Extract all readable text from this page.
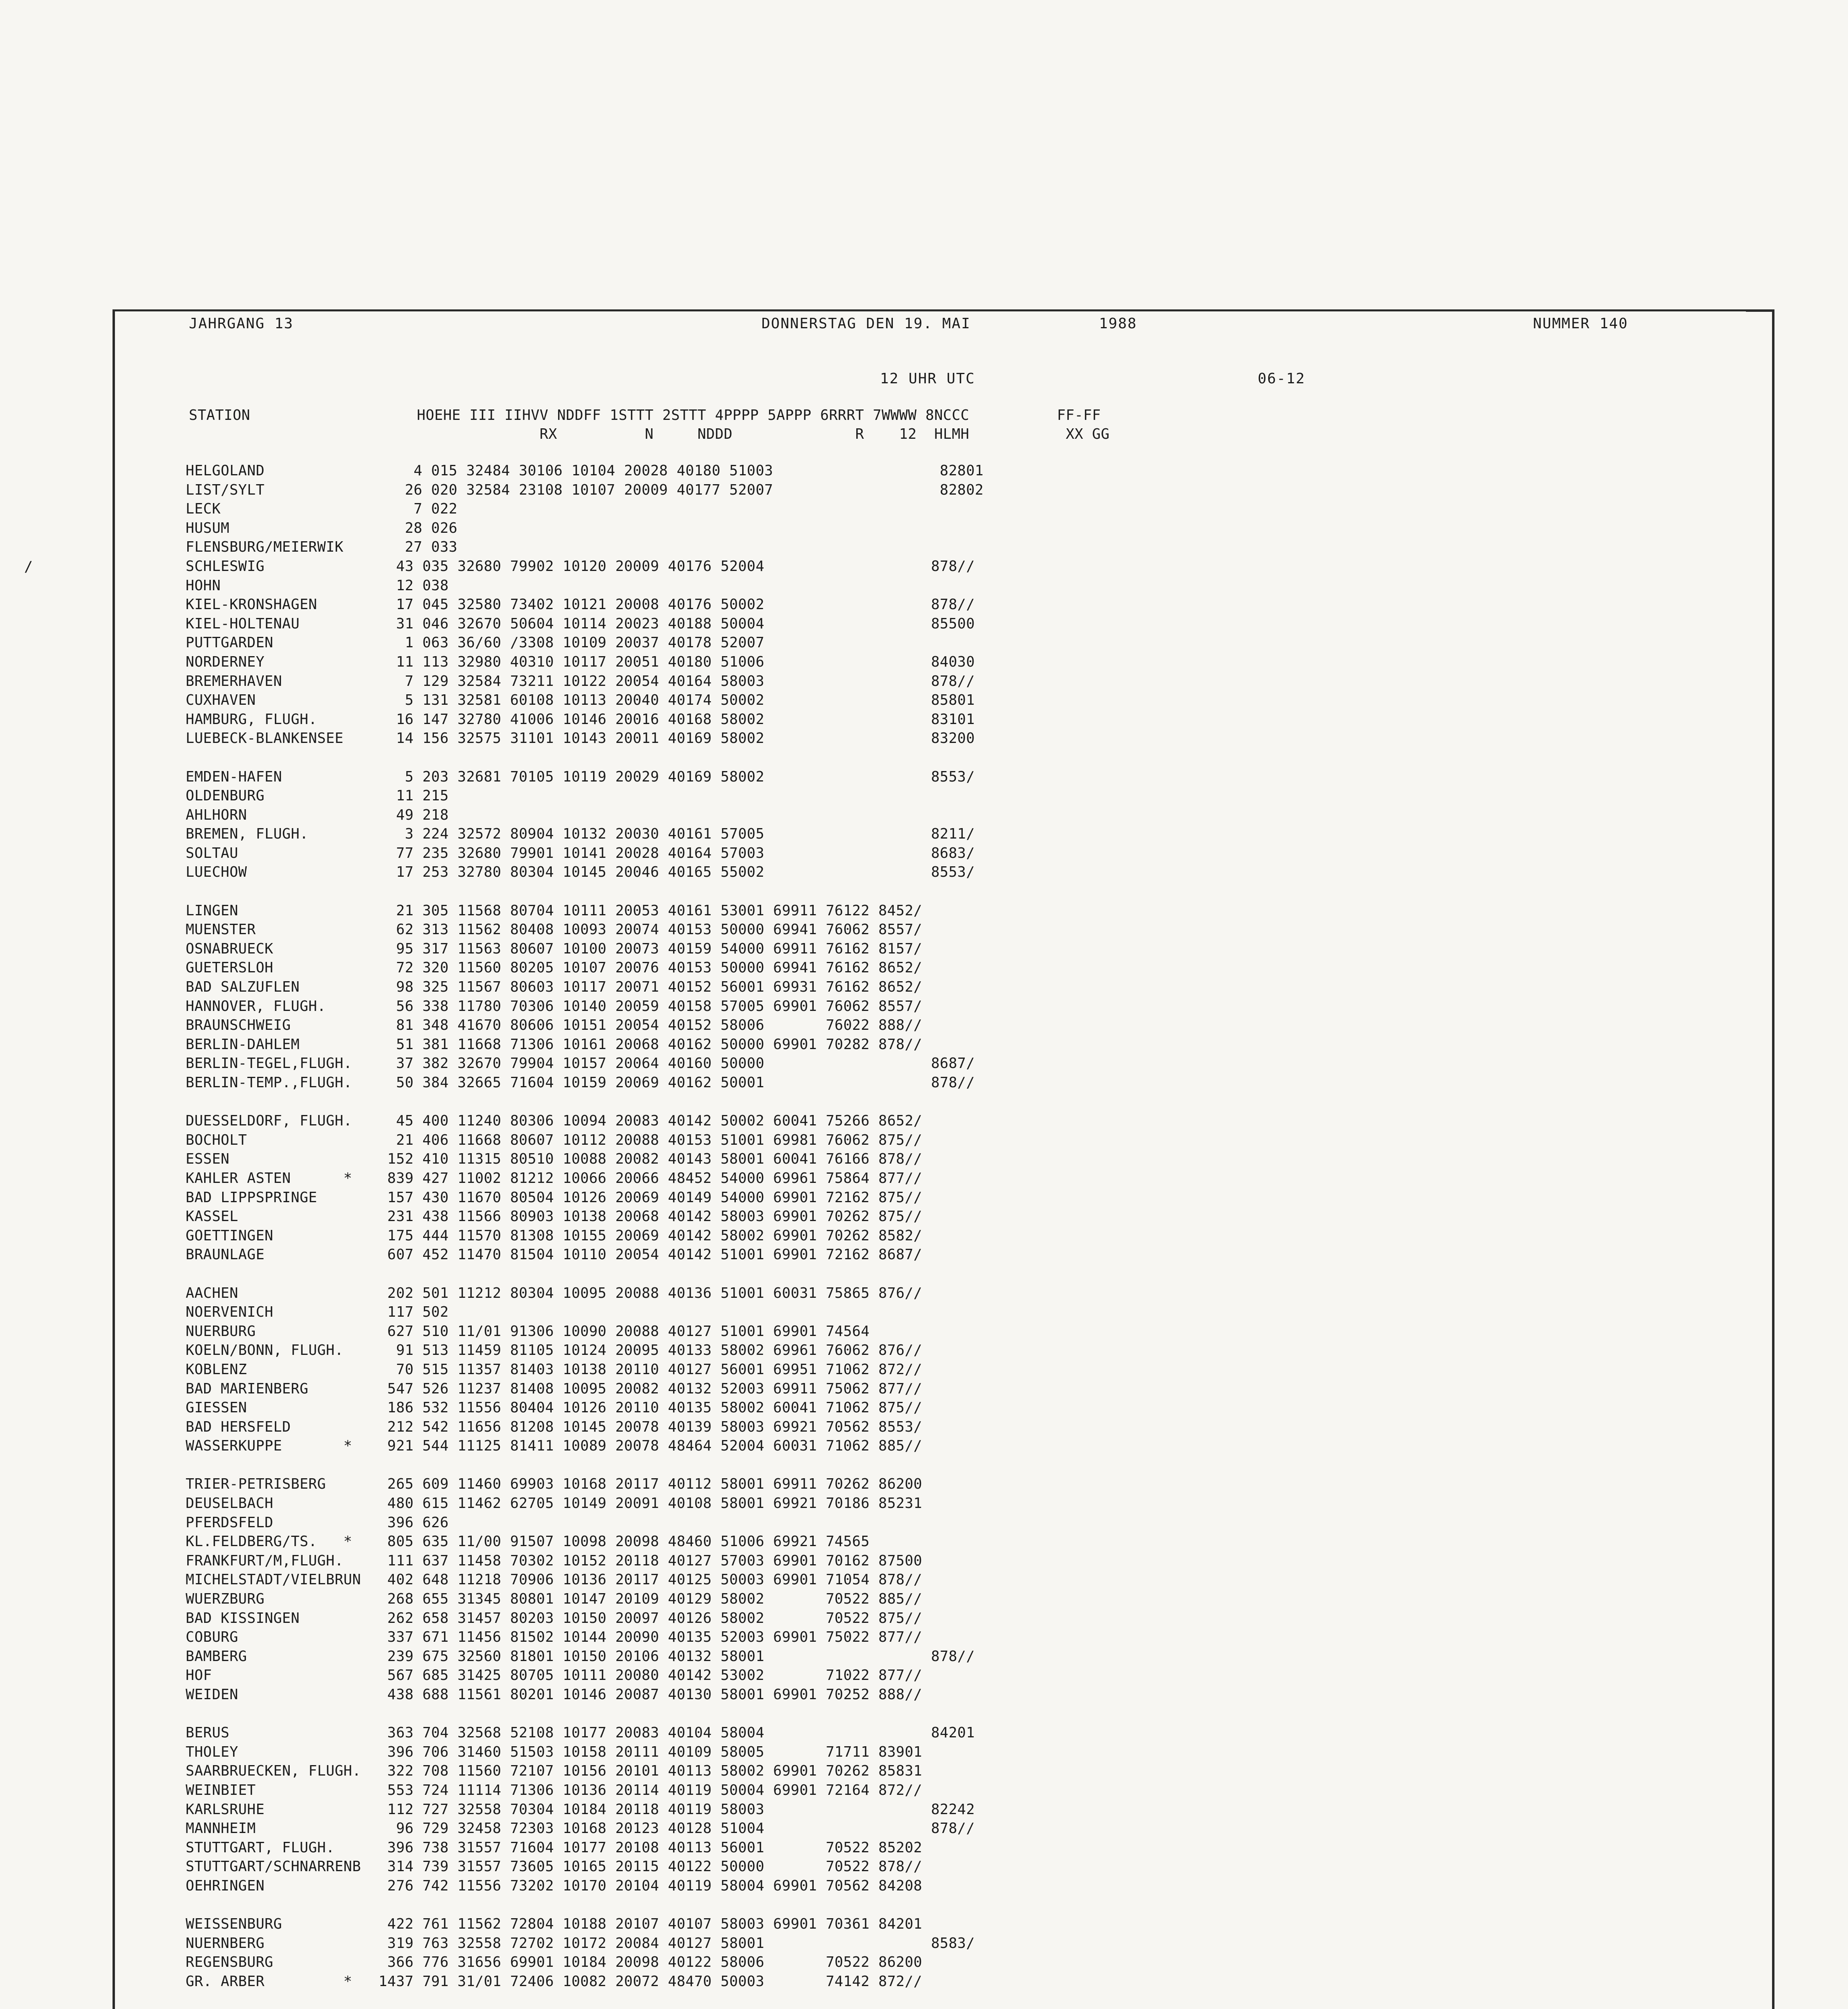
JAHRGANG 13	DONNERSTAG DEN 19. MAI	1988	NUMMER 140
12 UHR UTC	06-12
STATION                   HOEHE III IIHVV NDDFF 1STTT 2STTT 4PPPP 5APPP 6RRRT 7WWWW 8NCCC          FF-FF
RX          N     NDDD              R    12  HLMH           XX GG
HELGOLAND                 4 015 32484 30106 10104 20028 40180 51003                   82801
LIST/SYLT                26 020 32584 23108 10107 20009 40177 52007                   82802
LECK                      7 022
HUSUM                    28 026
FLENSBURG/MEIERWIK       27 033
SCHLESWIG               43 035 32680 79902 10120 20009 40176 52004                   878//
HOHN                    12 038
KIEL-KRONSHAGEN         17 045 32580 73402 10121 20008 40176 50002                   878//
KIEL-HOLTENAU           31 046 32670 50604 10114 20023 40188 50004                   85500
PUTTGARDEN               1 063 36/60 /3308 10109 20037 40178 52007
NORDERNEY               11 113 32980 40310 10117 20051 40180 51006                   84030
BREMERHAVEN              7 129 32584 73211 10122 20054 40164 58003                   878//
CUXHAVEN                 5 131 32581 60108 10113 20040 40174 50002                   85801
HAMBURG, FLUGH.         16 147 32780 41006 10146 20016 40168 58002                   83101
LUEBECK-BLANKENSEE      14 156 32575 31101 10143 20011 40169 58002                   83200
EMDEN-HAFEN              5 203 32681 70105 10119 20029 40169 58002                   8553/
OLDENBURG               11 215
AHLHORN                 49 218
BREMEN, FLUGH.           3 224 32572 80904 10132 20030 40161 57005                   8211/
SOLTAU                  77 235 32680 79901 10141 20028 40164 57003                   8683/
LUECHOW                 17 253 32780 80304 10145 20046 40165 55002                   8553/
LINGEN                  21 305 11568 80704 10111 20053 40161 53001 69911 76122 8452/
MUENSTER                62 313 11562 80408 10093 20074 40153 50000 69941 76062 8557/
OSNABRUECK              95 317 11563 80607 10100 20073 40159 54000 69911 76162 8157/
GUETERSLOH              72 320 11560 80205 10107 20076 40153 50000 69941 76162 8652/
BAD SALZUFLEN           98 325 11567 80603 10117 20071 40152 56001 69931 76162 8652/
HANNOVER, FLUGH.        56 338 11780 70306 10140 20059 40158 57005 69901 76062 8557/
BRAUNSCHWEIG            81 348 41670 80606 10151 20054 40152 58006       76022 888//
BERLIN-DAHLEM           51 381 11668 71306 10161 20068 40162 50000 69901 70282 878//
BERLIN-TEGEL,FLUGH.     37 382 32670 79904 10157 20064 40160 50000                   8687/
BERLIN-TEMP.,FLUGH.     50 384 32665 71604 10159 20069 40162 50001                   878//
DUESSELDORF, FLUGH.     45 400 11240 80306 10094 20083 40142 50002 60041 75266 8652/
BOCHOLT                 21 406 11668 80607 10112 20088 40153 51001 69981 76062 875//
ESSEN                  152 410 11315 80510 10088 20082 40143 58001 60041 76166 878//
KAHLER ASTEN      *    839 427 11002 81212 10066 20066 48452 54000 69961 75864 877//
BAD LIPPSPRINGE        157 430 11670 80504 10126 20069 40149 54000 69901 72162 875//
KASSEL                 231 438 11566 80903 10138 20068 40142 58003 69901 70262 875//
GOETTINGEN             175 444 11570 81308 10155 20069 40142 58002 69901 70262 8582/
BRAUNLAGE              607 452 11470 81504 10110 20054 40142 51001 69901 72162 8687/
AACHEN                 202 501 11212 80304 10095 20088 40136 51001 60031 75865 876//
NOERVENICH             117 502
NUERBURG               627 510 11/01 91306 10090 20088 40127 51001 69901 74564
KOELN/BONN, FLUGH.      91 513 11459 81105 10124 20095 40133 58002 69961 76062 876//
KOBLENZ                 70 515 11357 81403 10138 20110 40127 56001 69951 71062 872//
BAD MARIENBERG         547 526 11237 81408 10095 20082 40132 52003 69911 75062 877//
GIESSEN                186 532 11556 80404 10126 20110 40135 58002 60041 71062 875//
BAD HERSFELD           212 542 11656 81208 10145 20078 40139 58003 69921 70562 8553/
WASSERKUPPE       *    921 544 11125 81411 10089 20078 48464 52004 60031 71062 885//
TRIER-PETRISBERG       265 609 11460 69903 10168 20117 40112 58001 69911 70262 86200
DEUSELBACH             480 615 11462 62705 10149 20091 40108 58001 69921 70186 85231
PFERDSFELD             396 626
KL.FELDBERG/TS.   *    805 635 11/00 91507 10098 20098 48460 51006 69921 74565
FRANKFURT/M,FLUGH.     111 637 11458 70302 10152 20118 40127 57003 69901 70162 87500
MICHELSTADT/VIELBRUN   402 648 11218 70906 10136 20117 40125 50003 69901 71054 878//
WUERZBURG              268 655 31345 80801 10147 20109 40129 58002       70522 885//
BAD KISSINGEN          262 658 31457 80203 10150 20097 40126 58002       70522 875//
COBURG                 337 671 11456 81502 10144 20090 40135 52003 69901 75022 877//
BAMBERG                239 675 32560 81801 10150 20106 40132 58001                   878//
HOF                    567 685 31425 80705 10111 20080 40142 53002       71022 877//
WEIDEN                 438 688 11561 80201 10146 20087 40130 58001 69901 70252 888//
BERUS                  363 704 32568 52108 10177 20083 40104 58004                   84201
THOLEY                 396 706 31460 51503 10158 20111 40109 58005       71711 83901
SAARBRUECKEN, FLUGH.   322 708 11560 72107 10156 20101 40113 58002 69901 70262 85831
WEINBIET               553 724 11114 71306 10136 20114 40119 50004 69901 72164 872//
KARLSRUHE              112 727 32558 70304 10184 20118 40119 58003                   82242
MANNHEIM                96 729 32458 72303 10168 20123 40128 51004                   878//
STUTTGART, FLUGH.      396 738 31557 71604 10177 20108 40113 56001       70522 85202
STUTTGART/SCHNARRENB   314 739 31557 73605 10165 20115 40122 50000       70522 878//
OEHRINGEN              276 742 11556 73202 10170 20104 40119 58004 69901 70562 84208
WEISSENBURG            422 761 11562 72804 10188 20107 40107 58003 69901 70361 84201
NUERNBERG              319 763 32558 72702 10172 20084 40127 58001                   8583/
REGENSBURG             366 776 31656 69901 10184 20098 40122 58006       70522 86200
GR. ARBER         *   1437 791 31/01 72406 10082 20072 48470 50003       74142 872//
/
